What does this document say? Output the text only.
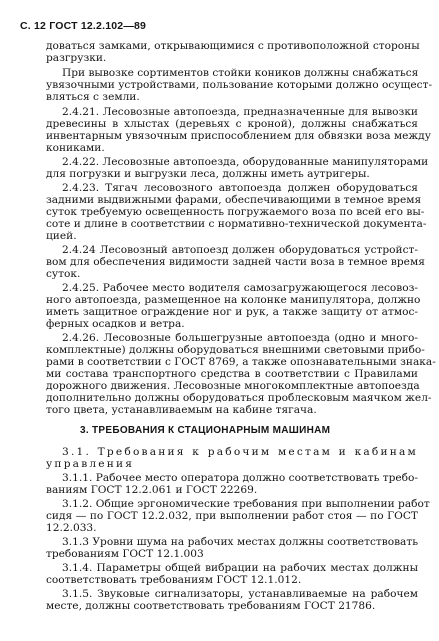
С. 12 ГОСТ 12.2.102—89
доваться замками, открывающимися с противоположной стороны
разгрузки.
При вывозке сортиментов стойки коников должны снабжаться
увязочными устройствами, пользование которыми должно осущест-
вляться с земли.
2.4.21. Лесовозные автопоезда, предназначенные для вывозки
древесины в хлыстах (деревьях с кроной), должны снабжаться
инвентарным увязочным приспособлением для обвязки воза между
кониками.
2.4.22. Лесовозные автопоезда, оборудованные манипуляторами
для погрузки и выгрузки леса, должны иметь аутригеры.
2.4.23. Тягач лесовозного автопоезда должен оборудоваться
задними выдвижными фарами, обеспечивающими в темное время
суток требуемую освещенность погружаемого воза по всей его вы-
соте и длине в соответствии с нормативно-технической документа-
цией.
2.4.24 Лесовозный автопоезд должен оборудоваться устройст-
вом для обеспечения видимости задней части воза в темное время
суток.
2.4.25. Рабочее место водителя самозагружающегося лесовоз-
ного автопоезда, размещенное на колонке манипулятора, должно
иметь защитное ограждение ног и рук, а также защиту от атмос-
ферных осадков и ветра.
2.4.26. Лесовозные большегрузные автопоезда (одно и много-
комплектные) должны оборудоваться внешними световыми прибо-
рами в соответствии с ГОСТ 8769, а также опознавательными знака-
ми состава транспортного средства в соответствии с Правилами
дорожного движения. Лесовозные многокомплектные автопоезда
дополнительно должны оборудоваться проблесковым маячком жел-
того цвета, устанавливаемым на кабине тягача.
3. ТРЕБОВАНИЯ К СТАЦИОНАРНЫМ МАШИНАМ
3.1. Требования к рабочим местам и кабинам
управления
3.1.1. Рабочее место оператора должно соответствовать требо-
ваниям ГОСТ 12.2.061 и ГОСТ 22269.
3.1.2. Общие эргономические требования при выполнении работ
сидя — по ГОСТ 12.2.032, при выполнении работ стоя — по ГОСТ
12.2.033.
3.1.3 Уровни шума на рабочих местах должны соответствовать
требованиям ГОСТ 12.1.003
3.1.4. Параметры общей вибрации на рабочих местах должны
соответствовать требованиям ГОСТ 12.1.012.
3.1.5. Звуковые сигнализаторы, устанавливаемые на рабочем
месте, должны соответствовать требованиям ГОСТ 21786.
